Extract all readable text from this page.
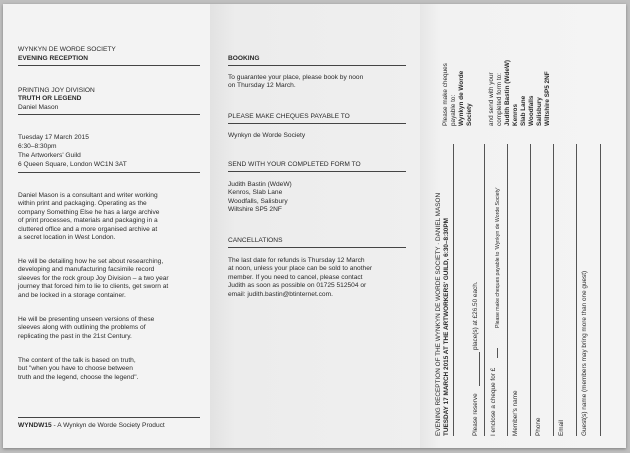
WYNKYN DE WORDE SOCIETY
EVENING RECEPTION
PRINTING JOY DIVISION
TRUTH OR LEGEND
Daniel Mason
Tuesday 17 March 2015
6:30–8:30pm
The Artworkers' Guild
6 Queen Square, London WC1N 3AT
Daniel Mason is a consultant and writer working
within print and packaging. Operating as the
company Something Else he has a large archive
of print processes, materials and packaging in a
cluttered office and a more organised archive at
a secret location in West London.
He will be detailing how he set about researching,
developing and manufacturing facsimile record
sleeves for the rock group Joy Division – a two year
journey that forced him to lie to clients, get sworn at
and be locked in a storage container.
He will be presenting unseen versions of these
sleeves along with outlining the problems of
replicating the past in the 21st Century.
The content of the talk is based on truth,
but "when you have to choose between
truth and the legend, choose the legend".
WYNDW15 - A Wynkyn de Worde Society Product
BOOKING
To guarantee your place, please book by noon
on Thursday 12 March.
PLEASE MAKE CHEQUES PAYABLE TO
Wynkyn de Worde Society
SEND WITH YOUR COMPLETED FORM TO
Judith Bastin (WdeW)
Kenros, Slab Lane
Woodfalls, Salisbury
Wiltshire SP5 2NF
CANCELLATIONS
The last date for refunds is Thursday 12 March
at noon, unless your place can be sold to another
member. If you need to cancel, please contact
Judith as soon as possible on 01725 512504 or
email: judith.bastin@btinternet.com.
Please make cheques payable to: Wynkyn de Worde Society and send with your completed form to: Judith Bastin (WdeW) Kenros Slab Lane Woodfalls Salisbury Wiltshire SP5 2NF
EVENING RECEPTION OF THE WYNKYN DE WORDE SOCIETY · DANIEL MASON TUESDAY 17 MARCH 2015 AT THE ARTWORKERS' GUILD, 6:30–8:30PM	Please reserve
place(s) at £26.50 each.
I enclose a cheque for £
Please make cheques payable to 'Wynkyn de Worde Society'
Member's name	Phone	Email	Guest(s) name (members may bring more than one guest)
